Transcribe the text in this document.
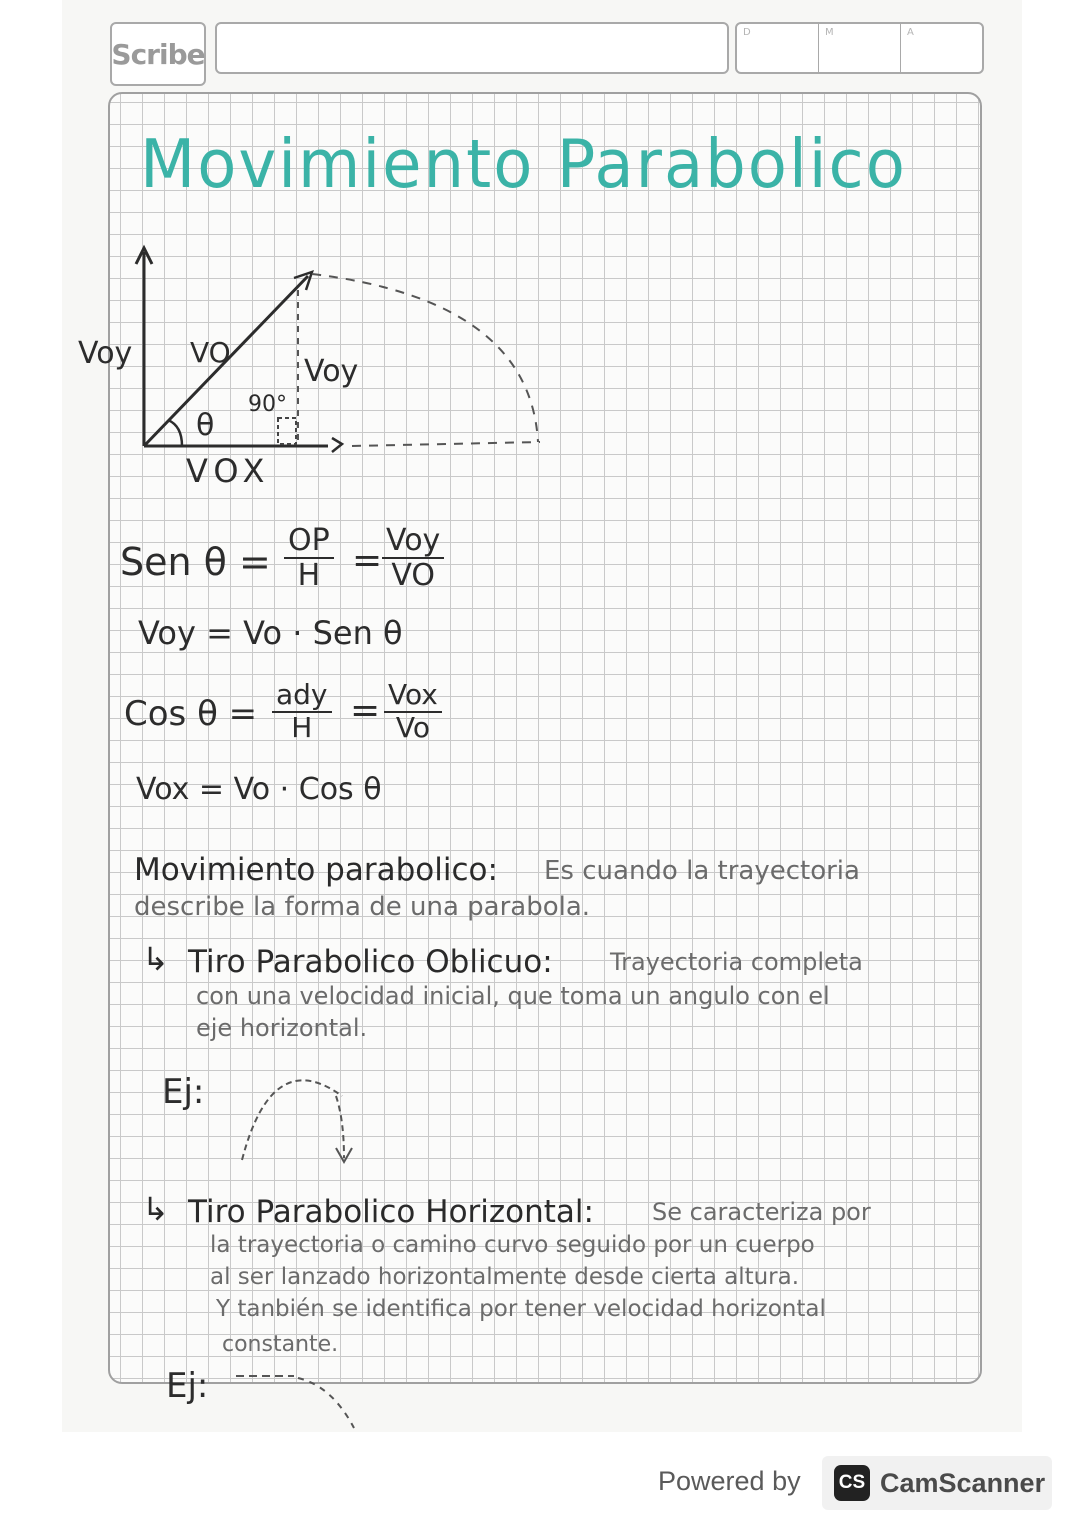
Scribe
D	M	A
Movimiento Parabolico

Voy VO

Voy

90°

θ

VOX

Sen $\theta = \frac{OP}{H}$ = Voy
VO

Voy = Vo · Sen θ

Cos θ = ady
H = Vox
Vo

Vox = Vo · Cos θ

Movimiento parabolico: Es cuando la trayectoria

describe la forma de una parabola.

↳ Tiro Parabolico Oblicuo: Trayectoria completa

con una velocidad inicial, que toma un angulo con el

eje horizontal.

Ej:

↳ Tiro Parabolico Horizontal: Se caracteriza por

la trayectoria o camino curvo seguido por un cuerpo

al ser lanzado horizontalmente desde cierta altura.

Y tanbién se identifica por tener velocidad horizontal

constante.

Ej:

Powered by CS CamScanner
